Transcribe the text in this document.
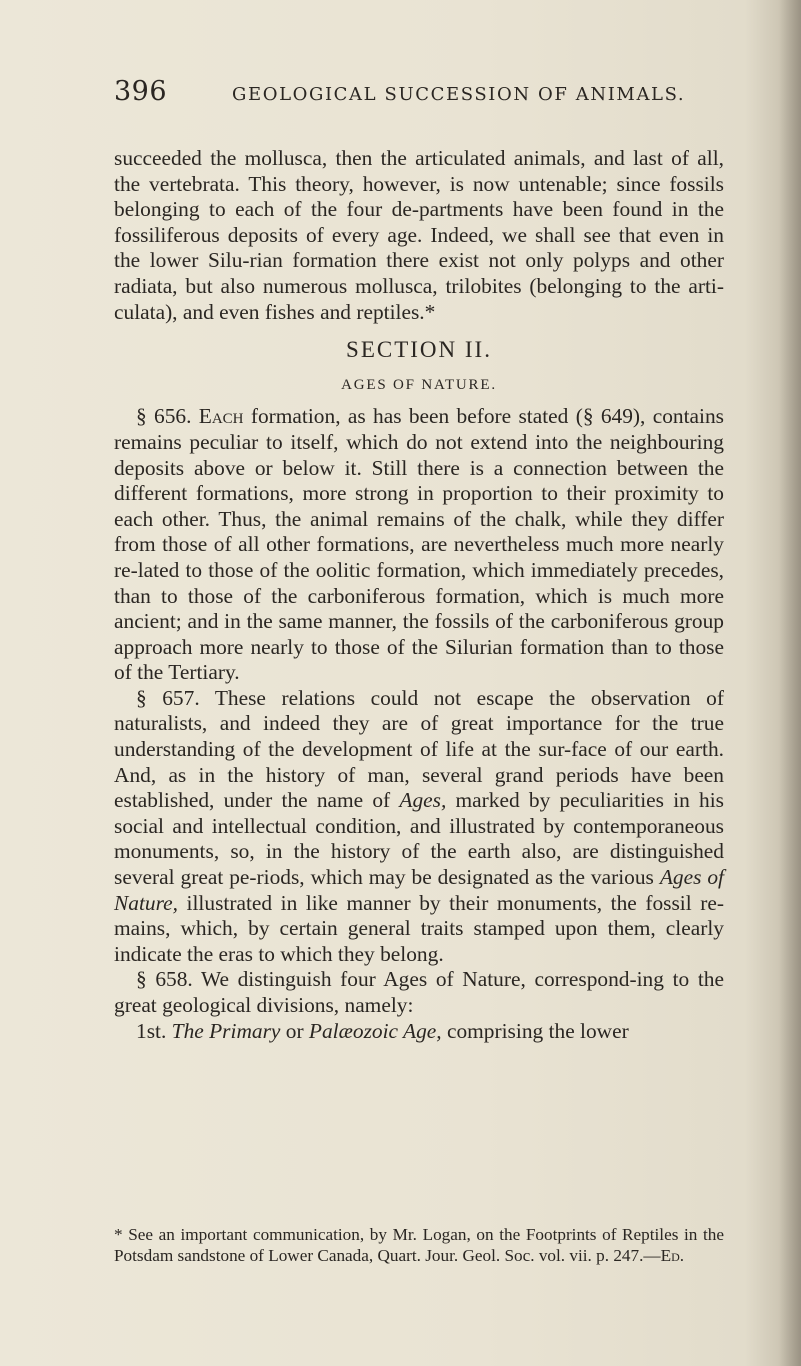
396	GEOLOGICAL SUCCESSION OF ANIMALS.

succeeded the mollusca, then the articulated animals, and last of all, the vertebrata. This theory, however, is now untenable; since fossils belonging to each of the four de-partments have been found in the fossiliferous deposits of every age. Indeed, we shall see that even in the lower Silu-rian formation there exist not only polyps and other radiata, but also numerous mollusca, trilobites (belonging to the arti-culata), and even fishes and reptiles.*

SECTION II.
AGES OF NATURE.

§ 656. Each formation, as has been before stated (§ 649), contains remains peculiar to itself, which do not extend into the neighbouring deposits above or below it. Still there is a connection between the different formations, more strong in proportion to their proximity to each other. Thus, the animal remains of the chalk, while they differ from those of all other formations, are nevertheless much more nearly re-lated to those of the oolitic formation, which immediately precedes, than to those of the carboniferous formation, which is much more ancient; and in the same manner, the fossils of the carboniferous group approach more nearly to those of the Silurian formation than to those of the Tertiary.

§ 657. These relations could not escape the observation of naturalists, and indeed they are of great importance for the true understanding of the development of life at the sur-face of our earth. And, as in the history of man, several grand periods have been established, under the name of Ages, marked by peculiarities in his social and intellectual condition, and illustrated by contemporaneous monuments, so, in the history of the earth also, are distinguished several great pe-riods, which may be designated as the various Ages of Nature, illustrated in like manner by their monuments, the fossil re-mains, which, by certain general traits stamped upon them, clearly indicate the eras to which they belong.

§ 658. We distinguish four Ages of Nature, correspond-ing to the great geological divisions, namely:

1st. The Primary or Palæozoic Age, comprising the lower

* See an important communication, by Mr. Logan, on the Footprints of Reptiles in the Potsdam sandstone of Lower Canada, Quart. Jour. Geol. Soc. vol. vii. p. 247.—Ed.
